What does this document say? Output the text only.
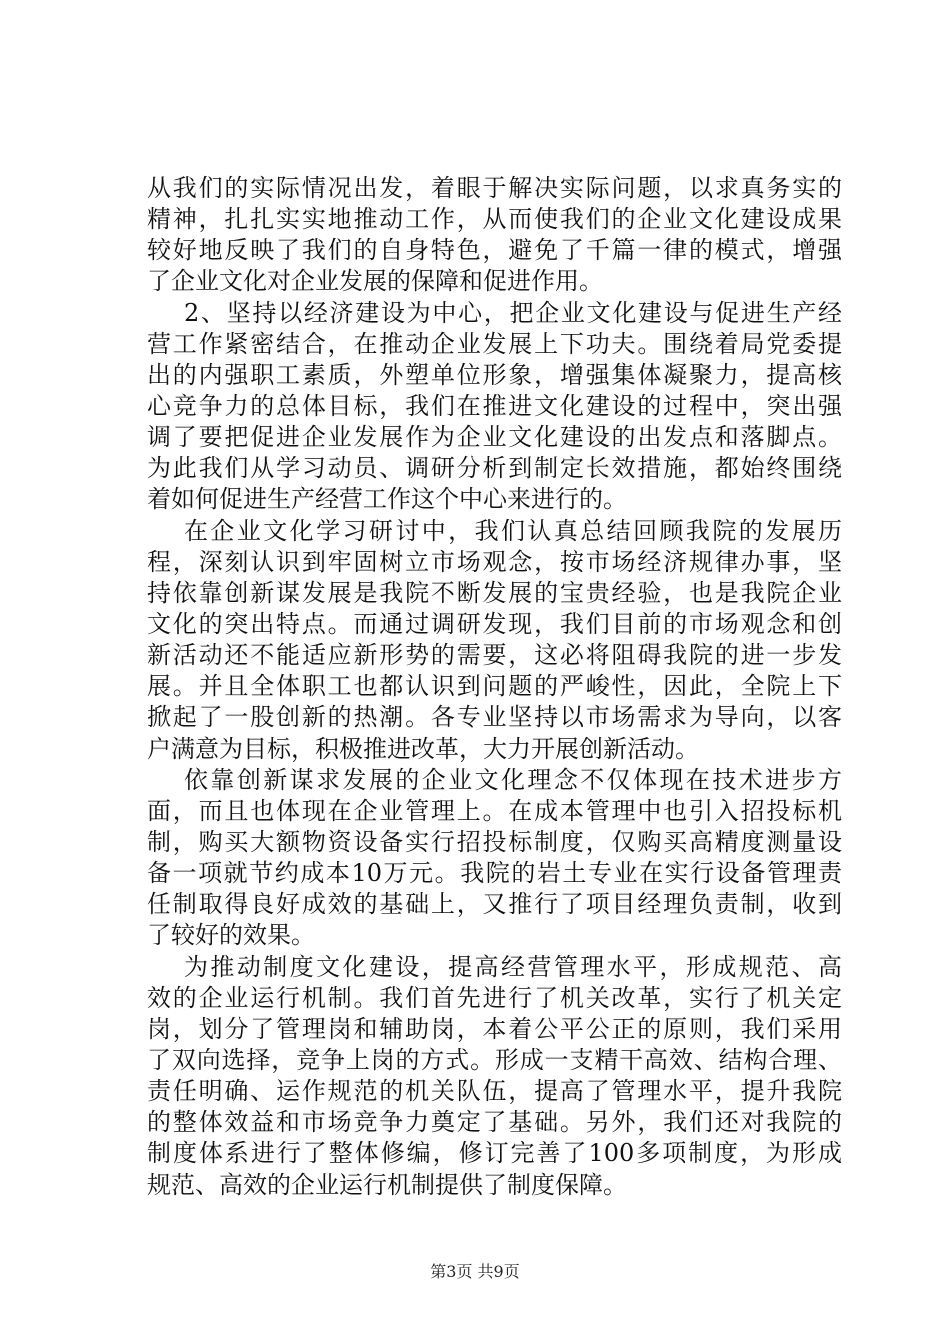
从我们的实际情况出发，着眼于解决实际问题，以求真务实的
精神，扎扎实实地推动工作，从而使我们的企业文化建设成果
较好地反映了我们的自身特色，避免了千篇一律的模式，增强
了企业文化对企业发展的保障和促进作用。
2、坚持以经济建设为中心，把企业文化建设与促进生产经
营工作紧密结合，在推动企业发展上下功夫。围绕着局党委提
出的内强职工素质，外塑单位形象，增强集体凝聚力，提高核
心竞争力的总体目标，我们在推进文化建设的过程中，突出强
调了要把促进企业发展作为企业文化建设的出发点和落脚点。
为此我们从学习动员、调研分析到制定长效措施，都始终围绕
着如何促进生产经营工作这个中心来进行的。
在企业文化学习研讨中，我们认真总结回顾我院的发展历
程，深刻认识到牢固树立市场观念，按市场经济规律办事，坚
持依靠创新谋发展是我院不断发展的宝贵经验，也是我院企业
文化的突出特点。而通过调研发现，我们目前的市场观念和创
新活动还不能适应新形势的需要，这必将阻碍我院的进一步发
展。并且全体职工也都认识到问题的严峻性，因此，全院上下
掀起了一股创新的热潮。各专业坚持以市场需求为导向，以客
户满意为目标，积极推进改革，大力开展创新活动。
依靠创新谋求发展的企业文化理念不仅体现在技术进步方
面，而且也体现在企业管理上。在成本管理中也引入招投标机
制，购买大额物资设备实行招投标制度，仅购买高精度测量设
备一项就节约成本10万元。我院的岩土专业在实行设备管理责
任制取得良好成效的基础上，又推行了项目经理负责制，收到
了较好的效果。
为推动制度文化建设，提高经营管理水平，形成规范、高
效的企业运行机制。我们首先进行了机关改革，实行了机关定
岗，划分了管理岗和辅助岗，本着公平公正的原则，我们采用
了双向选择，竞争上岗的方式。形成一支精干高效、结构合理、
责任明确、运作规范的机关队伍，提高了管理水平，提升我院
的整体效益和市场竞争力奠定了基础。另外，我们还对我院的
制度体系进行了整体修编，修订完善了100多项制度，为形成
规范、高效的企业运行机制提供了制度保障。
第3页 共9页
